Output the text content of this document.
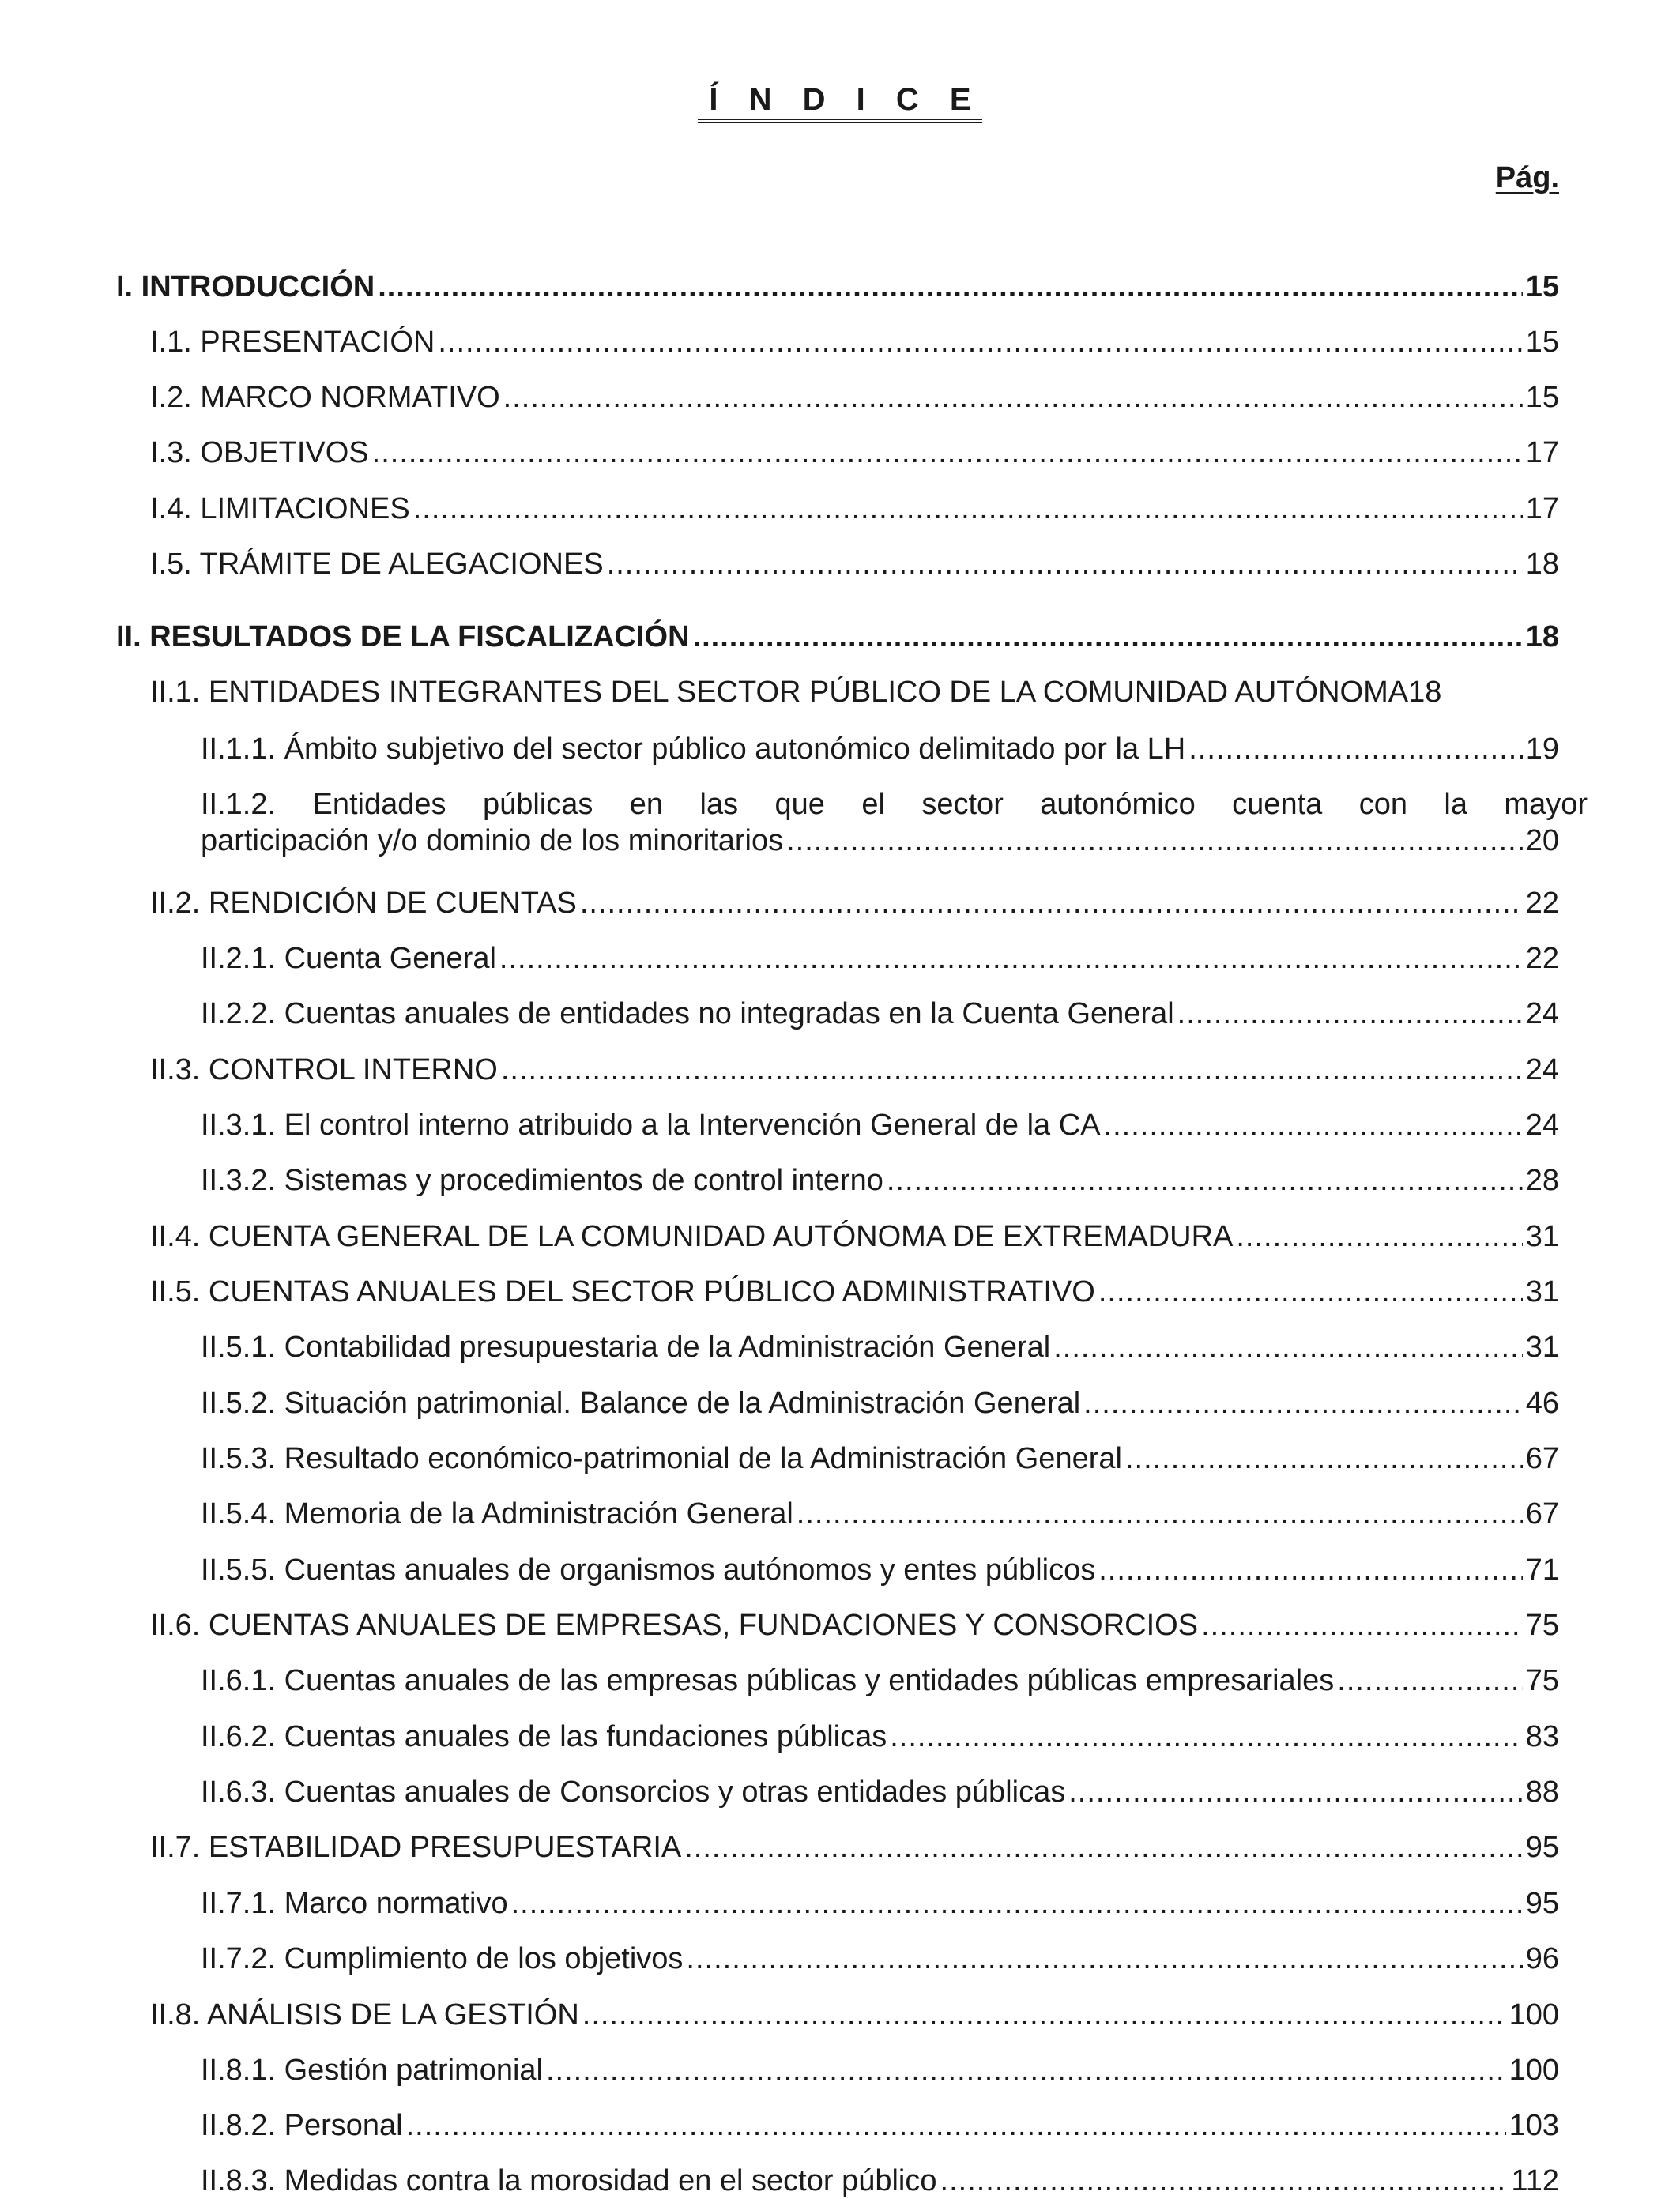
Í N D I C E
Pág.
I. INTRODUCCIÓN .....	15
I.1. PRESENTACIÓN .....	15
I.2. MARCO NORMATIVO .....	15
I.3. OBJETIVOS .....	17
I.4. LIMITACIONES .....	17
I.5. TRÁMITE DE ALEGACIONES .....	18
II. RESULTADOS DE LA FISCALIZACIÓN .....	18
II.1. ENTIDADES INTEGRANTES DEL SECTOR PÚBLICO DE LA COMUNIDAD AUTÓNOMA 18
II.1.1. Ámbito subjetivo del sector público autonómico delimitado por la LH .....	19
II.1.2. Entidades públicas en las que el sector autonómico cuenta con la mayor
participación y/o dominio de los minoritarios .....	20
II.2. RENDICIÓN DE CUENTAS .....	22
II.2.1. Cuenta General .....	22
II.2.2. Cuentas anuales de entidades no integradas en la Cuenta General .....	24
II.3. CONTROL INTERNO .....	24
II.3.1. El control interno atribuido a la Intervención General de la CA .....	24
II.3.2. Sistemas y procedimientos de control interno .....	28
II.4. CUENTA GENERAL DE LA COMUNIDAD AUTÓNOMA DE EXTREMADURA .....	31
II.5. CUENTAS ANUALES DEL SECTOR PÚBLICO ADMINISTRATIVO .....	31
II.5.1. Contabilidad presupuestaria de la Administración General .....	31
II.5.2. Situación patrimonial. Balance de la Administración General .....	46
II.5.3. Resultado económico-patrimonial de la Administración General .....	67
II.5.4. Memoria de la Administración General .....	67
II.5.5. Cuentas anuales de organismos autónomos y entes públicos .....	71
II.6. CUENTAS ANUALES DE EMPRESAS, FUNDACIONES Y CONSORCIOS .....	75
II.6.1. Cuentas anuales de las empresas públicas y entidades públicas empresariales .....	75
II.6.2. Cuentas anuales de las fundaciones públicas .....	83
II.6.3. Cuentas anuales de Consorcios y otras entidades públicas .....	88
II.7. ESTABILIDAD PRESUPUESTARIA .....	95
II.7.1. Marco normativo .....	95
II.7.2. Cumplimiento de los objetivos .....	96
II.8. ANÁLISIS DE LA GESTIÓN .....	100
II.8.1. Gestión patrimonial .....	100
II.8.2. Personal .....	103
II.8.3. Medidas contra la morosidad en el sector público .....	112
